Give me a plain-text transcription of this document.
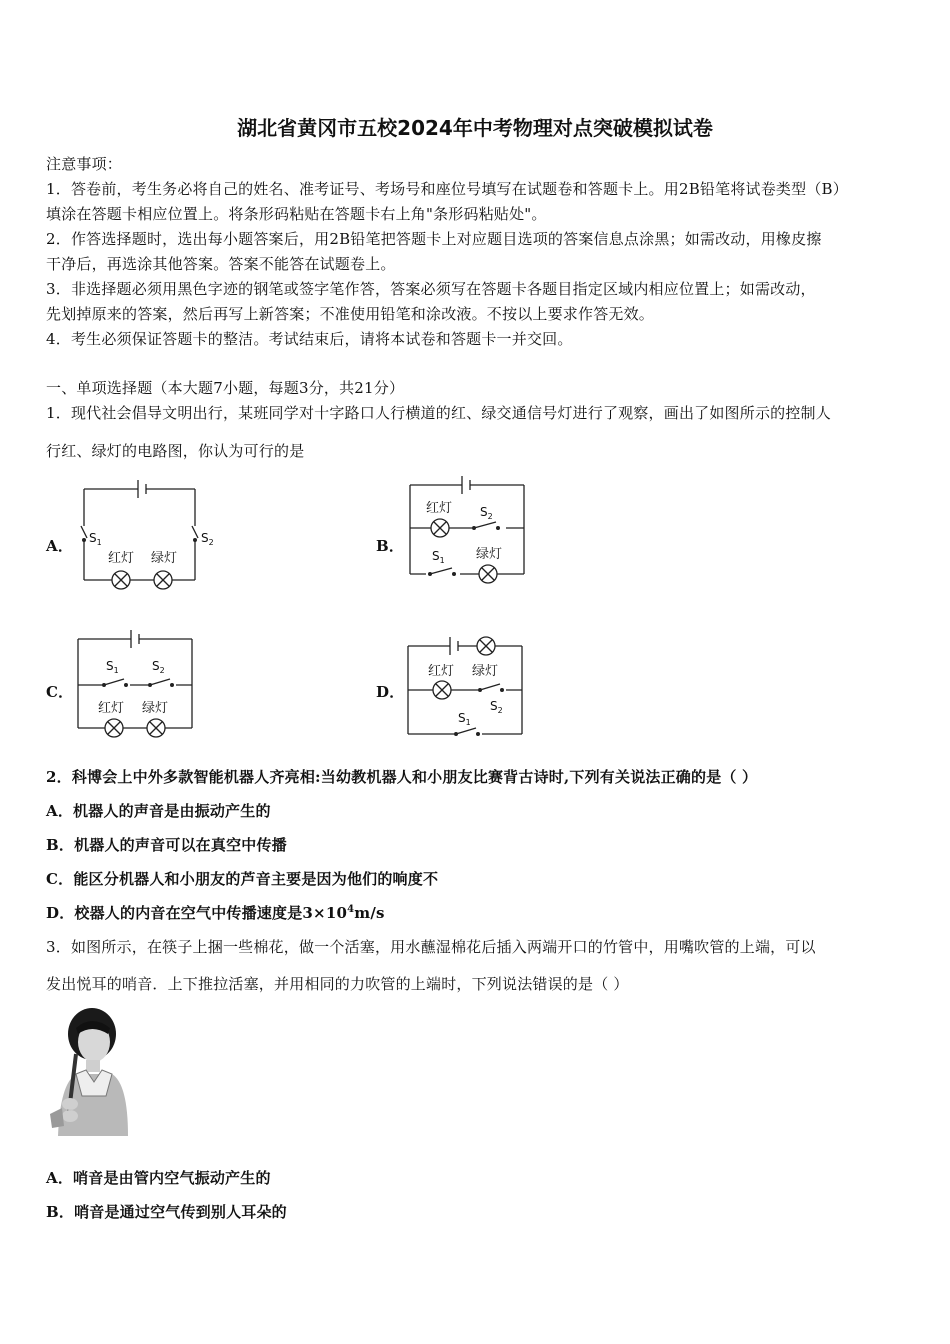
湖北省黄冈市五校2024年中考物理对点突破模拟试卷
注意事项：
1．答卷前，考生务必将自己的姓名、准考证号、考场号和座位号填写在试题卷和答题卡上。用2B铅笔将试卷类型（B）
填涂在答题卡相应位置上。将条形码粘贴在答题卡右上角"条形码粘贴处"。
2．作答选择题时，选出每小题答案后，用2B铅笔把答题卡上对应题目选项的答案信息点涂黑；如需改动，用橡皮擦
干净后，再选涂其他答案。答案不能答在试题卷上。
3．非选择题必须用黑色字迹的钢笔或签字笔作答，答案必须写在答题卡各题目指定区域内相应位置上；如需改动，
先划掉原来的答案，然后再写上新答案；不准使用铅笔和涂改液。不按以上要求作答无效。
4．考生必须保证答题卡的整洁。考试结束后，请将本试卷和答题卡一并交回。
一、单项选择题（本大题7小题，每题3分，共21分）
1．现代社会倡导文明出行，某班同学对十字路口人行横道的红、绿交通信号灯进行了观察，画出了如图所示的控制人
行红、绿灯的电路图，你认为可行的是
A． $S_1$	$S_2$
红灯 绿灯
B．
红灯 $S_2$
$S_1$ 绿灯
C．
$S_1$	$S_2$
红灯 绿灯
D．
红灯 绿灯
$S_2$
$S_1$
2．科博会上中外多款智能机器人齐亮相:当幼教机器人和小朋友比赛背古诗时,下列有关说法正确的是（ ）
A．机器人的声音是由振动产生的
B．机器人的声音可以在真空中传播
C．能区分机器人和小朋友的芦音主要是因为他们的响度不
D．校器人的内音在空气中传播速度是$3\times 10^4m/s$
3．如图所示，在筷子上捆一些棉花，做一个活塞，用水蘸湿棉花后插入两端开口的竹管中，用嘴吹管的上端，可以
发出悦耳的哨音．上下推拉活塞，并用相同的力吹管的上端时，下列说法错误的是（ ）
A．哨音是由管内空气振动产生的
B．哨音是通过空气传到别人耳朵的
